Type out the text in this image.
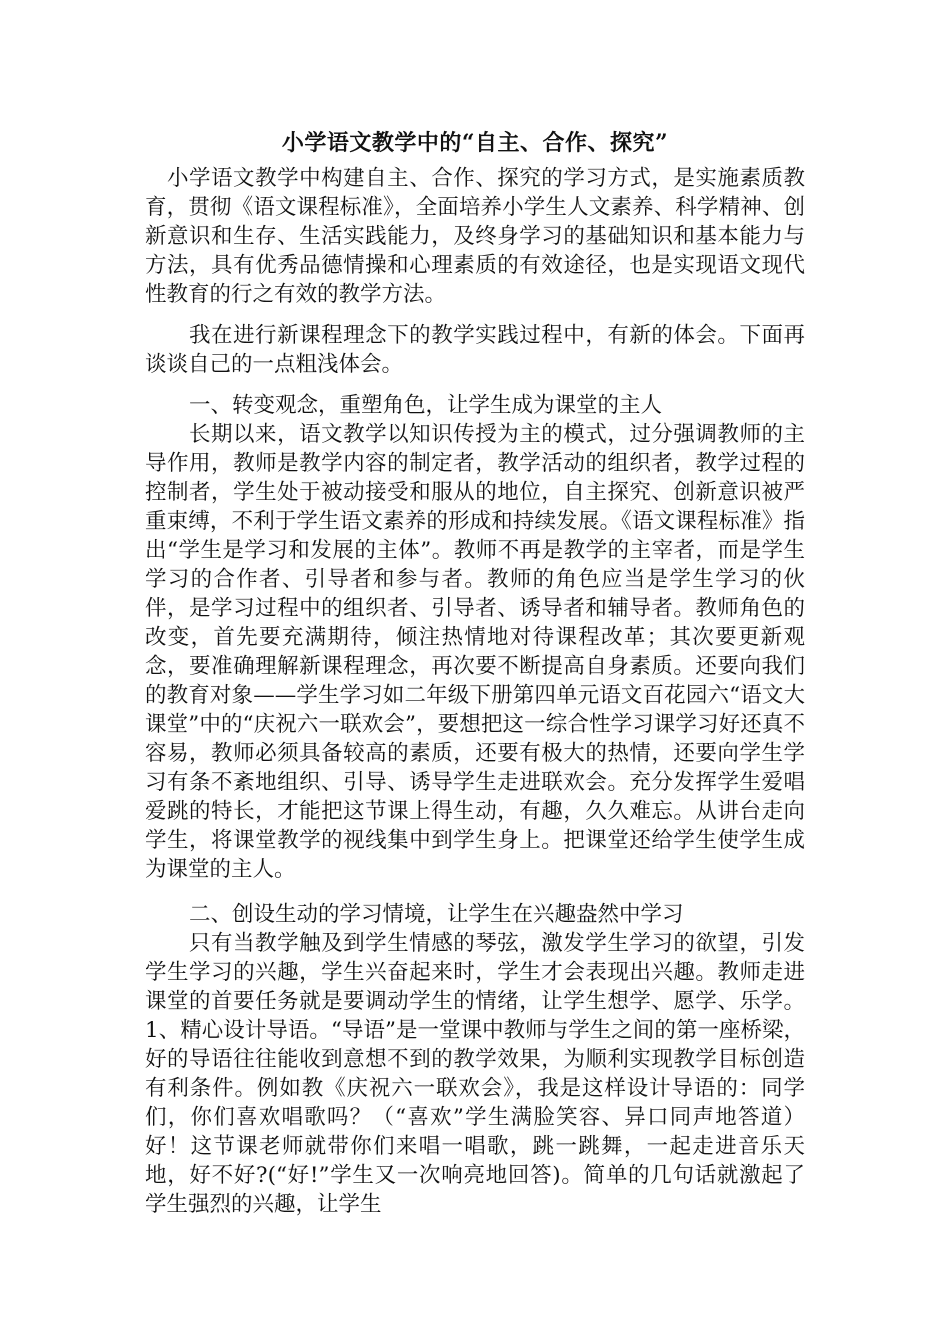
小学语文教学中的“自主、合作、探究”

小学语文教学中构建自主、合作、探究的学习方式，是实施素质教育，贯彻《语文课程标准》，全面培养小学生人文素养、科学精神、创新意识和生存、生活实践能力，及终身学习的基础知识和基本能力与方法，具有优秀品德情操和心理素质的有效途径，也是实现语文现代性教育的行之有效的教学方法。

我在进行新课程理念下的教学实践过程中，有新的体会。下面再谈谈自己的一点粗浅体会。

一、转变观念，重塑角色，让学生成为课堂的主人

长期以来，语文教学以知识传授为主的模式，过分强调教师的主导作用，教师是教学内容的制定者，教学活动的组织者，教学过程的控制者，学生处于被动接受和服从的地位，自主探究、创新意识被严重束缚，不利于学生语文素养的形成和持续发展。《语文课程标准》指出“学生是学习和发展的主体”。教师不再是教学的主宰者，而是学生学习的合作者、引导者和参与者。教师的角色应当是学生学习的伙伴，是学习过程中的组织者、引导者、诱导者和辅导者。教师角色的改变，首先要充满期待，倾注热情地对待课程改革；其次要更新观念，要准确理解新课程理念，再次要不断提高自身素质。还要向我们的教育对象——学生学习如二年级下册第四单元语文百花园六“语文大课堂”中的“庆祝六一联欢会”，要想把这一综合性学习课学习好还真不容易，教师必须具备较高的素质，还要有极大的热情，还要向学生学习有条不紊地组织、引导、诱导学生走进联欢会。充分发挥学生爱唱爱跳的特长，才能把这节课上得生动，有趣，久久难忘。从讲台走向学生，将课堂教学的视线集中到学生身上。把课堂还给学生使学生成为课堂的主人。

二、创设生动的学习情境，让学生在兴趣盎然中学习

只有当教学触及到学生情感的琴弦，激发学生学习的欲望，引发学生学习的兴趣，学生兴奋起来时，学生才会表现出兴趣。教师走进课堂的首要任务就是要调动学生的情绪，让学生想学、愿学、乐学。1、精心设计导语。“导语”是一堂课中教师与学生之间的第一座桥梁，好的导语往往能收到意想不到的教学效果，为顺利实现教学目标创造有利条件。例如教《庆祝六一联欢会》，我是这样设计导语的：同学们，你们喜欢唱歌吗？（“喜欢”学生满脸笑容、异口同声地答道）好！这节课老师就带你们来唱一唱歌，跳一跳舞，一起走进音乐天地，好不好?(“好!”学生又一次响亮地回答)。简单的几句话就激起了学生强烈的兴趣，让学生
